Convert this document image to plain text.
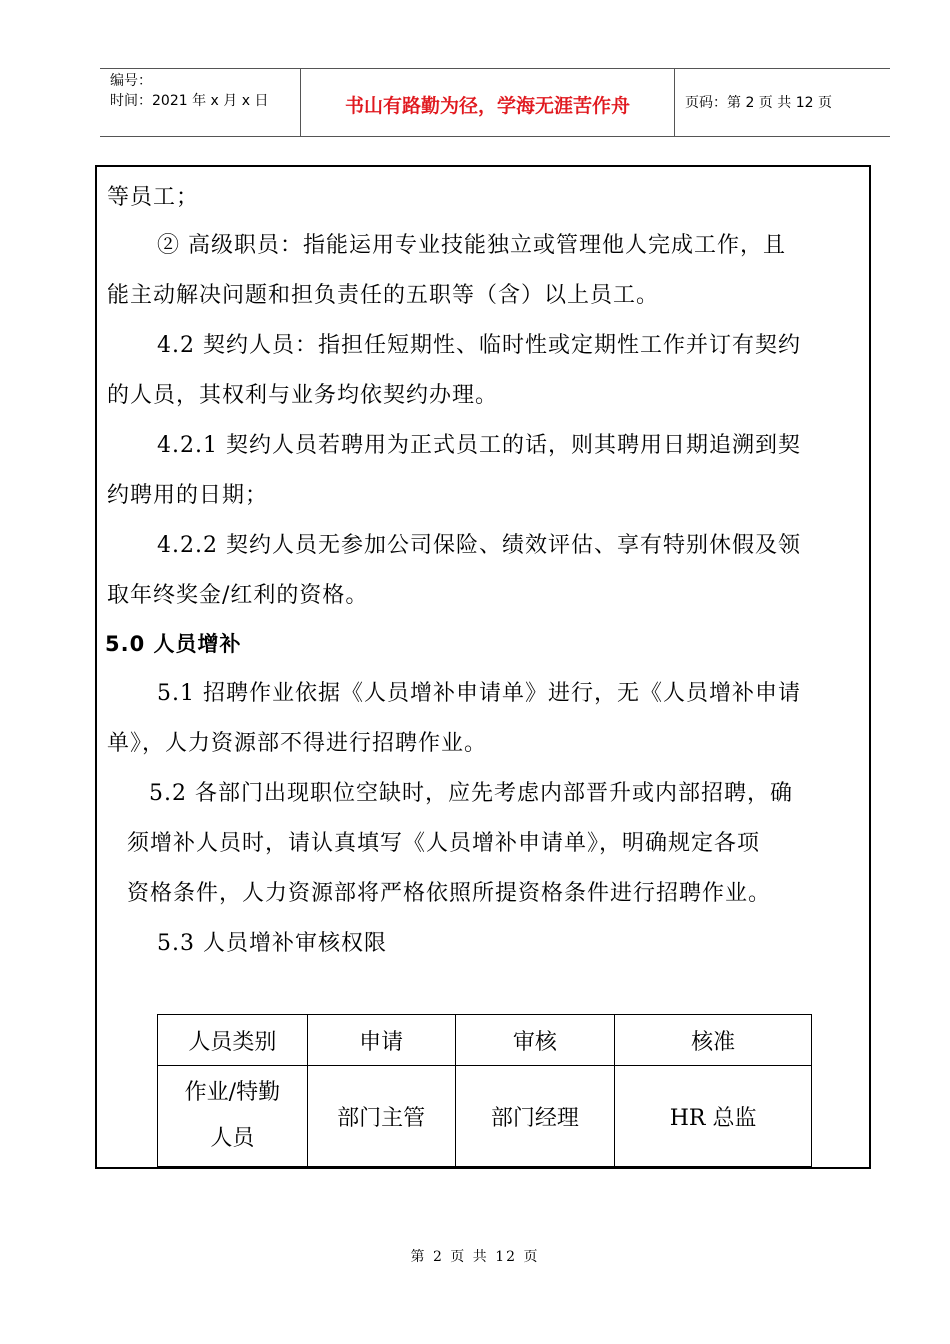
编号：
时间：2021 年 x 月 x 日	书山有路勤为径，学海无涯苦作舟	页码：第 2 页 共 12 页
等员工；
② 高级职员：指能运用专业技能独立或管理他人完成工作，且
能主动解决问题和担负责任的五职等（含）以上员工。
4.2 契约人员：指担任短期性、临时性或定期性工作并订有契约
的人员，其权利与业务均依契约办理。
4.2.1 契约人员若聘用为正式员工的话，则其聘用日期追溯到契
约聘用的日期；
4.2.2 契约人员无参加公司保险、绩效评估、享有特别休假及领
取年终奖金/红利的资格。
5.0 人员增补
5.1 招聘作业依据《人员增补申请单》进行，无《人员增补申请
单》，人力资源部不得进行招聘作业。
5.2 各部门出现职位空缺时，应先考虑内部晋升或内部招聘，确
须增补人员时，请认真填写《人员增补申请单》，明确规定各项
资格条件，人力资源部将严格依照所提资格条件进行招聘作业。
5.3 人员增补审核权限
人员类别	申请	审核	核准

作业/特勤
人员	部门主管	部门经理	HR 总监
第 2 页 共 12 页
